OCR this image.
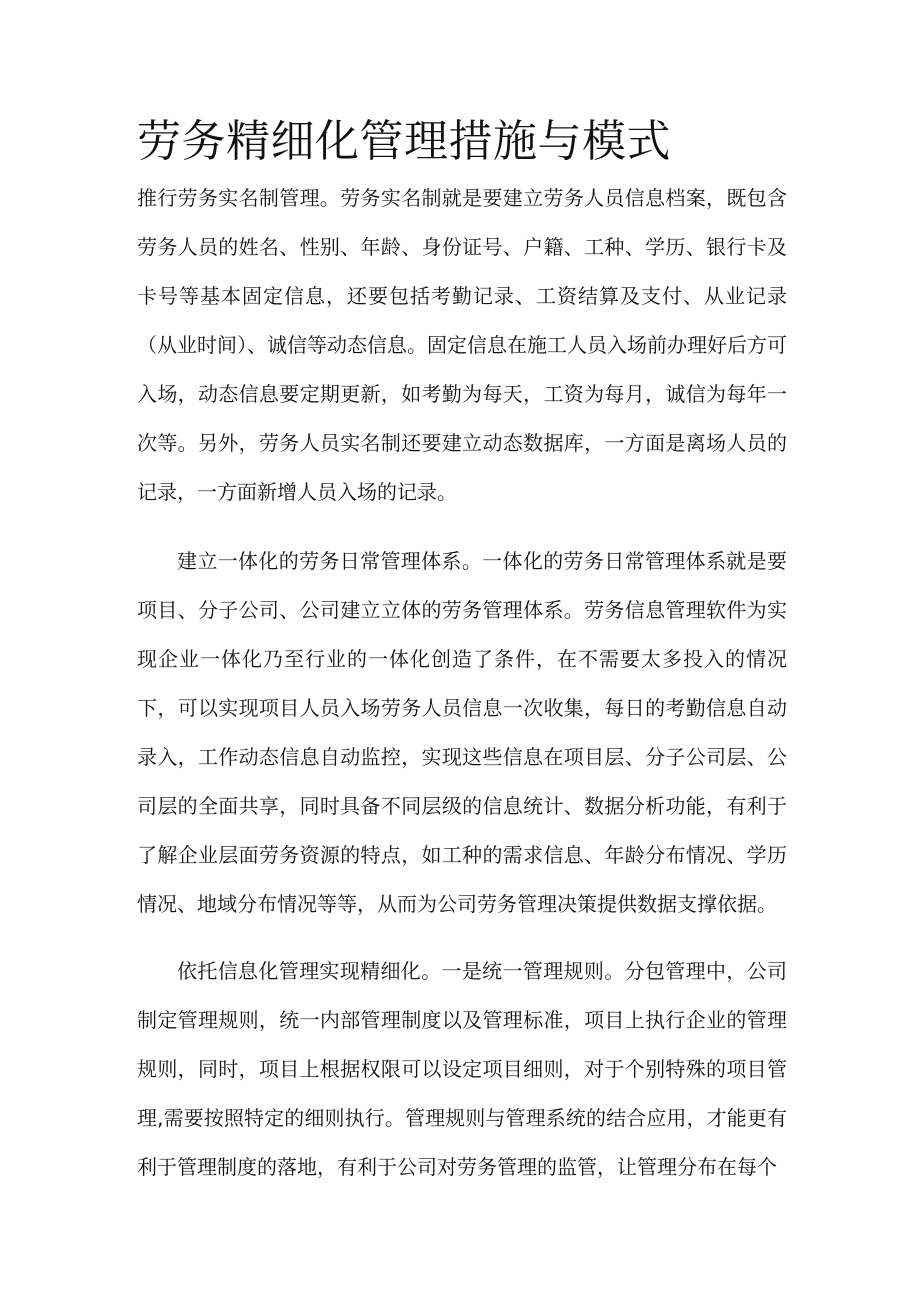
劳务精细化管理措施与模式

推行劳务实名制管理。劳务实名制就是要建立劳务人员信息档案，既包含劳务人员的姓名、性别、年龄、身份证号、户籍、工种、学历、银行卡及卡号等基本固定信息，还要包括考勤记录、工资结算及支付、从业记录（从业时间）、诚信等动态信息。固定信息在施工人员入场前办理好后方可入场，动态信息要定期更新，如考勤为每天，工资为每月，诚信为每年一次等。另外，劳务人员实名制还要建立动态数据库，一方面是离场人员的记录，一方面新增人员入场的记录。

建立一体化的劳务日常管理体系。一体化的劳务日常管理体系就是要项目、分子公司、公司建立立体的劳务管理体系。劳务信息管理软件为实现企业一体化乃至行业的一体化创造了条件，在不需要太多投入的情况下，可以实现项目人员入场劳务人员信息一次收集，每日的考勤信息自动录入，工作动态信息自动监控，实现这些信息在项目层、分子公司层、公司层的全面共享，同时具备不同层级的信息统计、数据分析功能，有利于了解企业层面劳务资源的特点，如工种的需求信息、年龄分布情况、学历情况、地域分布情况等等，从而为公司劳务管理决策提供数据支撑依据。

依托信息化管理实现精细化。一是统一管理规则。分包管理中，公司制定管理规则，统一内部管理制度以及管理标准，项目上执行企业的管理规则，同时，项目上根据权限可以设定项目细则，对于个别特殊的项目管理,需要按照特定的细则执行。管理规则与管理系统的结合应用，才能更有利于管理制度的落地，有利于公司对劳务管理的监管，让管理分布在每个
